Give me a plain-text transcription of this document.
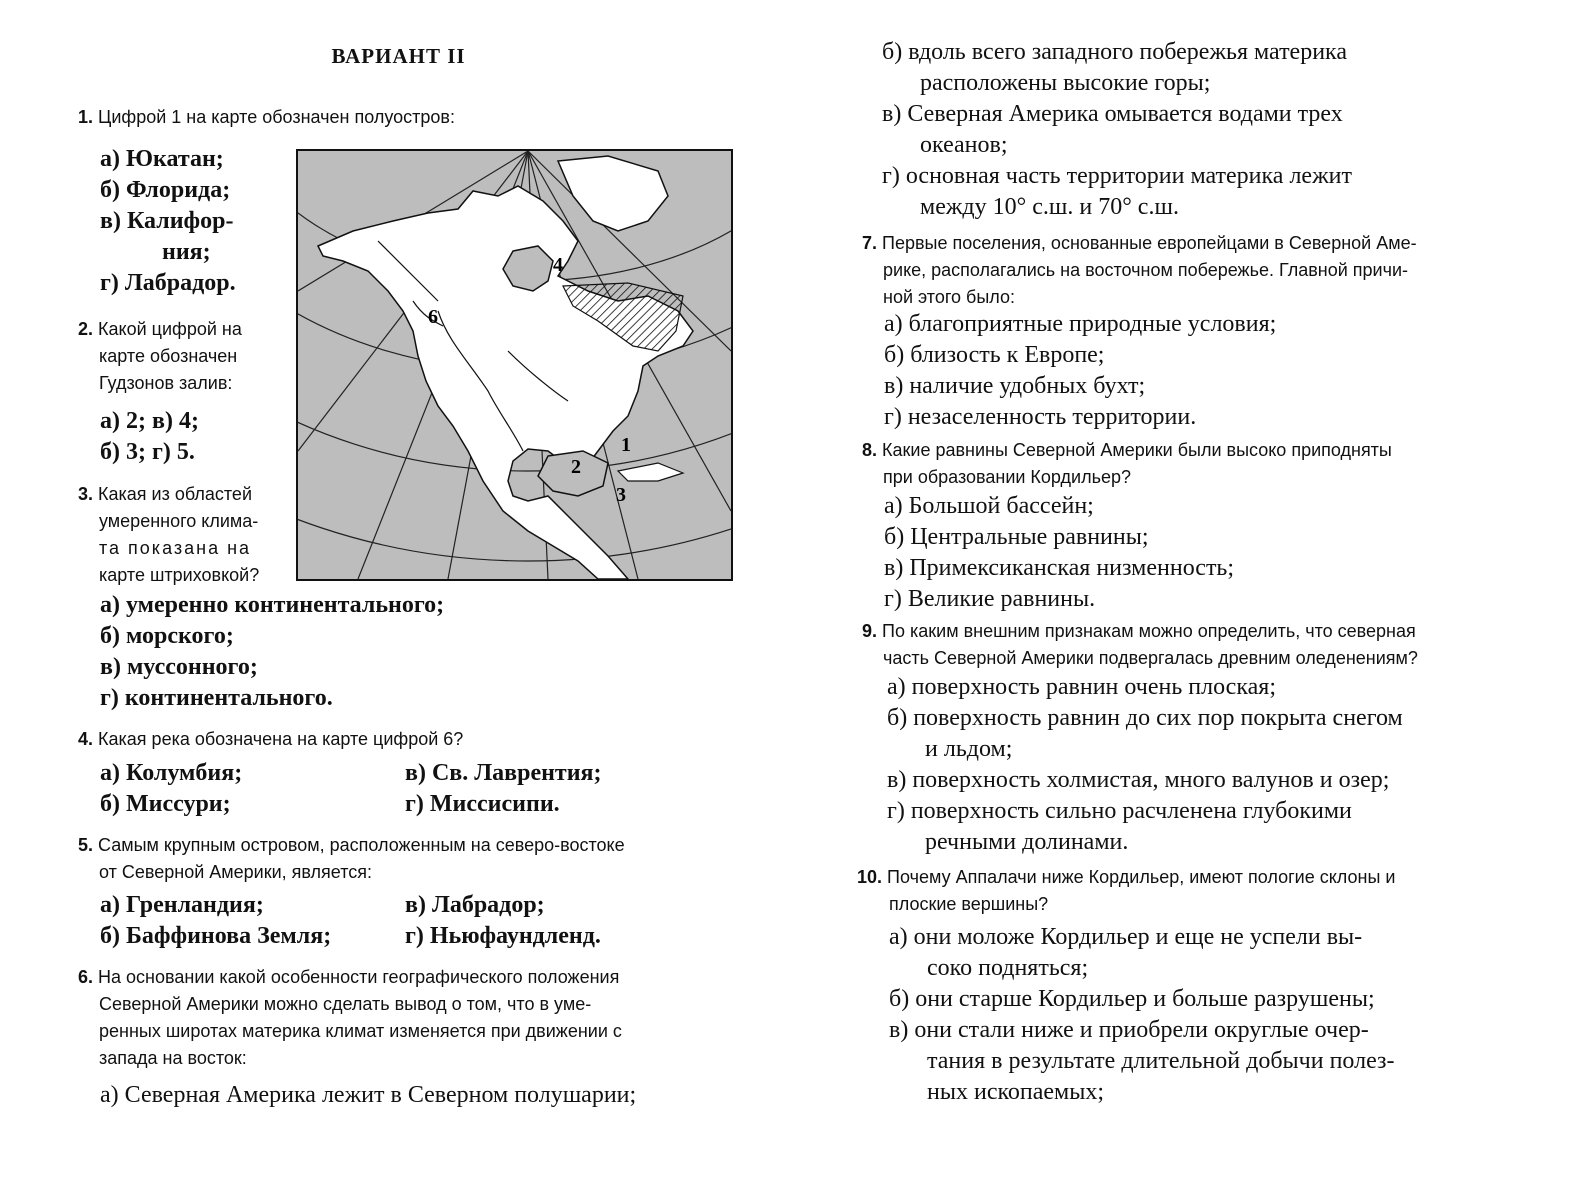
ВАРИАНТ II
1. Цифрой 1 на карте обозначен полуостров:
а) Юкатан;
б) Флорида;
в) Калифор-
ния;
г) Лабрадор.
2. Какой цифрой на
карте обозначен
Гудзонов залив:
а) 2; в) 4;
б) 3; г) 5.
3. Какая из областей
умеренного клима-
та показана на
карте штриховкой?
а) умеренно континентального;
б) морского;
в) муссонного;
г) континентального.
4. Какая река обозначена на карте цифрой 6?
а) Колумбия;	в) Св. Лаврентия;
б) Миссури;	г) Миссисипи.
5. Самым крупным островом, расположенным на северо-востоке
от Северной Америки, является:
а) Гренландия;	в) Лабрадор;
б) Баффинова Земля;	г) Ньюфаундленд.
6. На основании какой особенности географического положения
Северной Америки можно сделать вывод о том, что в уме-
ренных широтах материка климат изменяется при движении с
запада на восток:
а) Северная Америка лежит в Северном полушарии;
4
6
2
3
1
б) вдоль всего западного побережья материка
расположены высокие горы;
в) Северная Америка омывается водами трех
океанов;
г) основная часть территории материка лежит
между 10° с.ш. и 70° с.ш.
7. Первые поселения, основанные европейцами в Северной Аме-
рике, располагались на восточном побережье. Главной причи-
ной этого было:
а) благоприятные природные условия;
б) близость к Европе;
в) наличие удобных бухт;
г) незаселенность территории.
8. Какие равнины Северной Америки были высоко приподняты
при образовании Кордильер?
а) Большой бассейн;
б) Центральные равнины;
в) Примексиканская низменность;
г) Великие равнины.
9. По каким внешним признакам можно определить, что северная
часть Северной Америки подвергалась древним оледенениям?
а) поверхность равнин очень плоская;
б) поверхность равнин до сих пор покрыта снегом
и льдом;
в) поверхность холмистая, много валунов и озер;
г) поверхность сильно расчленена глубокими
речными долинами.
10. Почему Аппалачи ниже Кордильер, имеют пологие склоны и
плоские вершины?
а) они моложе Кордильер и еще не успели вы-
соко подняться;
б) они старше Кордильер и больше разрушены;
в) они стали ниже и приобрели округлые очер-
тания в результате длительной добычи полез-
ных ископаемых;
